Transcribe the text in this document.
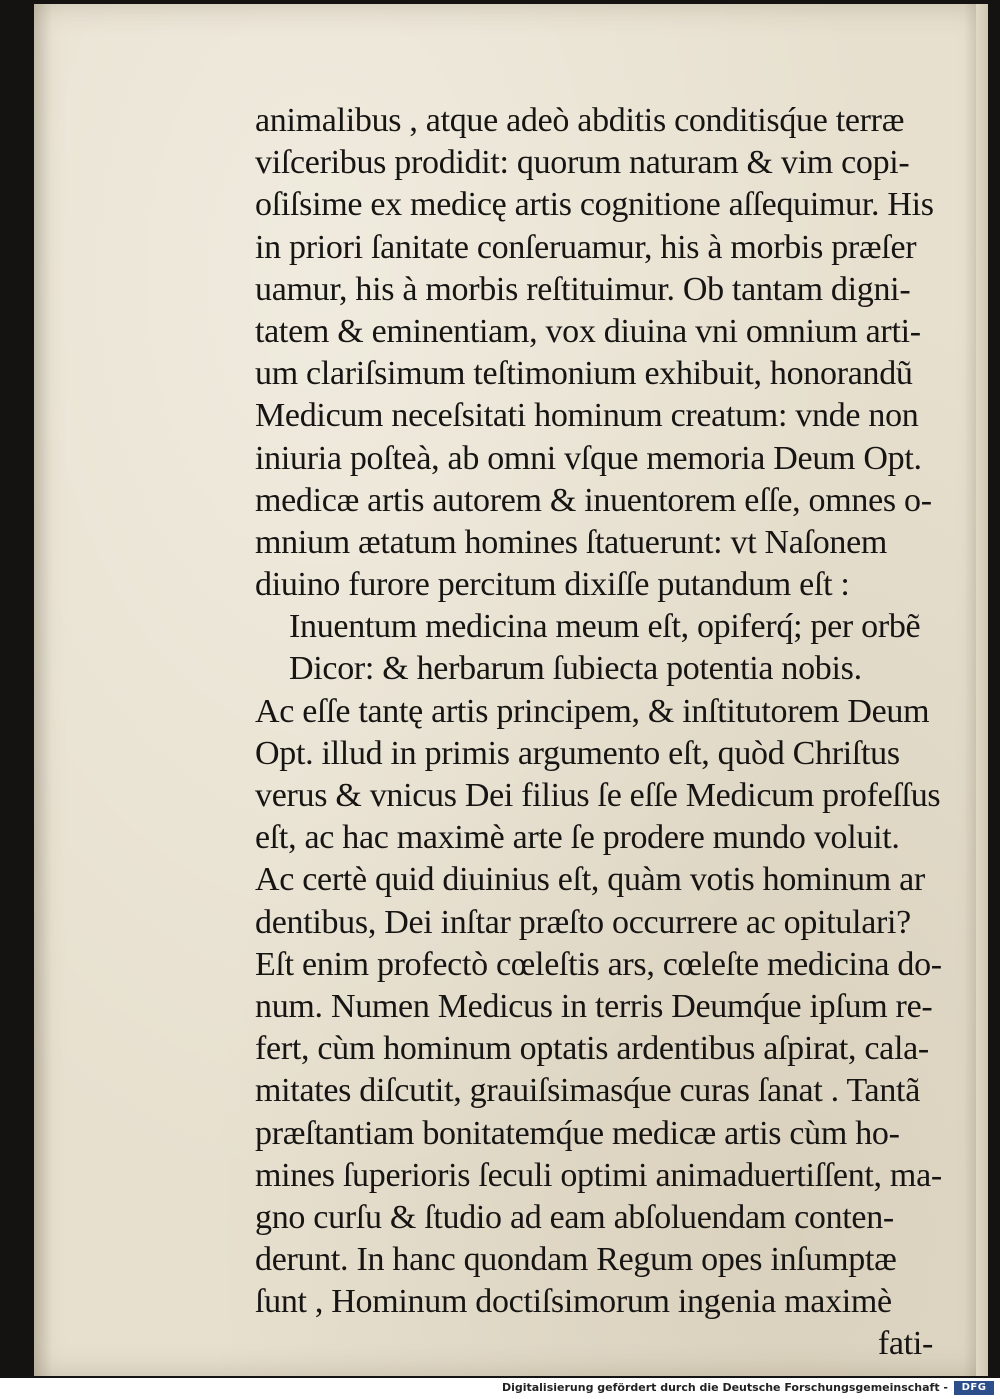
animalibus , atque adeò abditis conditisq́ue terræ
viſceribus prodidit: quorum naturam & vim copi-
oſiſsime ex medicę artis cognitione aſſequimur. His
in priori ſanitate conſeruamur, his à morbis præſer
uamur, his à morbis reſtituimur. Ob tantam digni-
tatem & eminentiam, vox diuina vni omnium arti-
um clariſsimum teſtimonium exhibuit, honorandũ
Medicum neceſsitati hominum creatum: vnde non
iniuria poſteà, ab omni vſque memoria Deum Opt.
medicæ artis autorem & inuentorem eſſe, omnes o-
mnium ætatum homines ſtatuerunt: vt Naſonem
diuino furore percitum dixiſſe putandum eſt :
Inuentum medicina meum eſt, opiferq́; per orbẽ
Dicor: & herbarum ſubiecta potentia nobis.
Ac eſſe tantę artis principem, & inſtitutorem Deum
Opt. illud in primis argumento eſt, quòd Chriſtus
verus & vnicus Dei filius ſe eſſe Medicum profeſſus
eſt, ac hac maximè arte ſe prodere mundo voluit.
Ac certè quid diuinius eſt, quàm votis hominum ar
dentibus, Dei inſtar præſto occurrere ac opitulari?
Eſt enim profectò cœleſtis ars, cœleſte medicina do-
num. Numen Medicus in terris Deumq́ue ipſum re-
fert, cùm hominum optatis ardentibus aſpirat, cala-
mitates diſcutit, grauiſsimasq́ue curas ſanat . Tantã
præſtantiam bonitatemq́ue medicæ artis cùm ho-
mines ſuperioris ſeculi optimi animaduertiſſent, ma-
gno curſu & ſtudio ad eam abſoluendam conten-
derunt. In hanc quondam Regum opes inſumptæ
ſunt , Hominum doctiſsimorum ingenia maximè
fati-
Digitalisierung gefördert durch die Deutsche Forschungsgemeinschaft -	DFG
